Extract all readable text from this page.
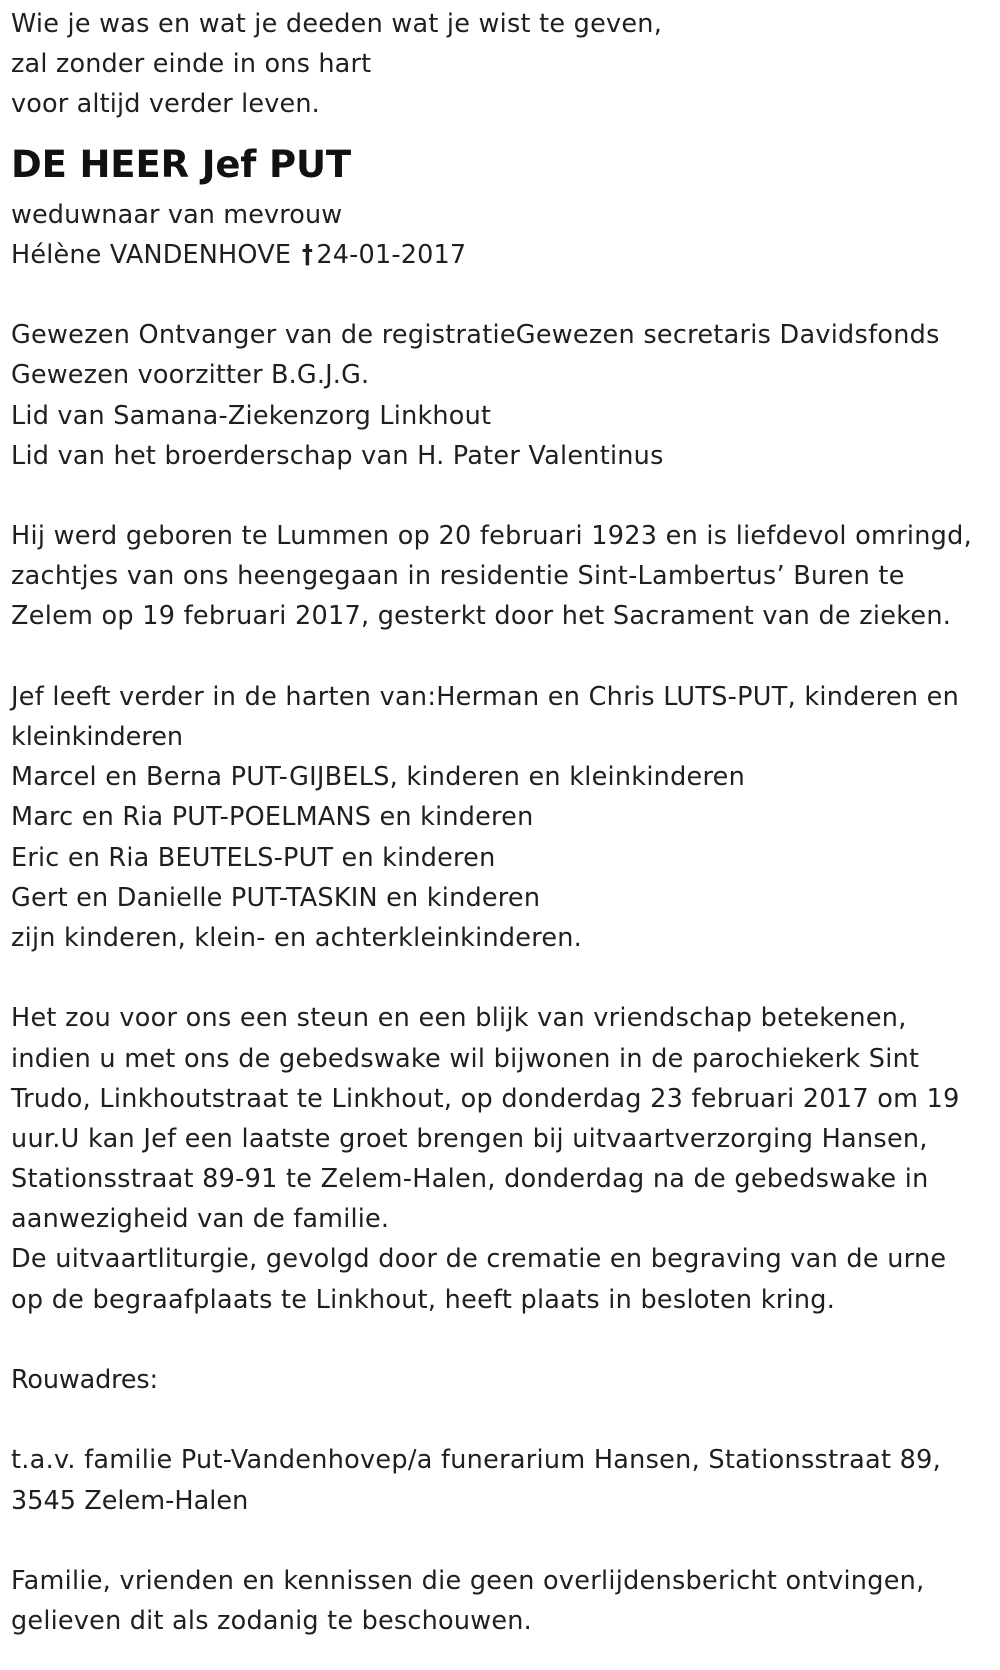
Wie je was en wat je deeden wat je wist te geven,
zal zonder einde in ons hart
voor altijd verder leven.
DE HEER Jef PUT
weduwnaar van mevrouw
Hélène VANDENHOVE † 24-01-2017
Gewezen Ontvanger van de registratieGewezen secretaris Davidsfonds
Gewezen voorzitter B.G.J.G.
Lid van Samana-Ziekenzorg Linkhout
Lid van het broerderschap van H. Pater Valentinus
Hij werd geboren te Lummen op 20 februari 1923 en is liefdevol omringd,
zachtjes van ons heengegaan in residentie Sint-Lambertus’ Buren te
Zelem op 19 februari 2017, gesterkt door het Sacrament van de zieken.
Jef leeft verder in de harten van:Herman en Chris LUTS-PUT, kinderen en
kleinkinderen
Marcel en Berna PUT-GIJBELS, kinderen en kleinkinderen
Marc en Ria PUT-POELMANS en kinderen
Eric en Ria BEUTELS-PUT en kinderen
Gert en Danielle PUT-TASKIN en kinderen
zijn kinderen, klein- en achterkleinkinderen.
Het zou voor ons een steun en een blijk van vriendschap betekenen,
indien u met ons de gebedswake wil bijwonen in de parochiekerk Sint
Trudo, Linkhoutstraat te Linkhout, op donderdag 23 februari 2017 om 19
uur.U kan Jef een laatste groet brengen bij uitvaartverzorging Hansen,
Stationsstraat 89-91 te Zelem-Halen, donderdag na de gebedswake in
aanwezigheid van de familie.
De uitvaartliturgie, gevolgd door de crematie en begraving van de urne
op de begraafplaats te Linkhout, heeft plaats in besloten kring.
Rouwadres:
t.a.v. familie Put-Vandenhovep/a funerarium Hansen, Stationsstraat 89,
3545 Zelem-Halen
Familie, vrienden en kennissen die geen overlijdensbericht ontvingen,
gelieven dit als zodanig te beschouwen.
